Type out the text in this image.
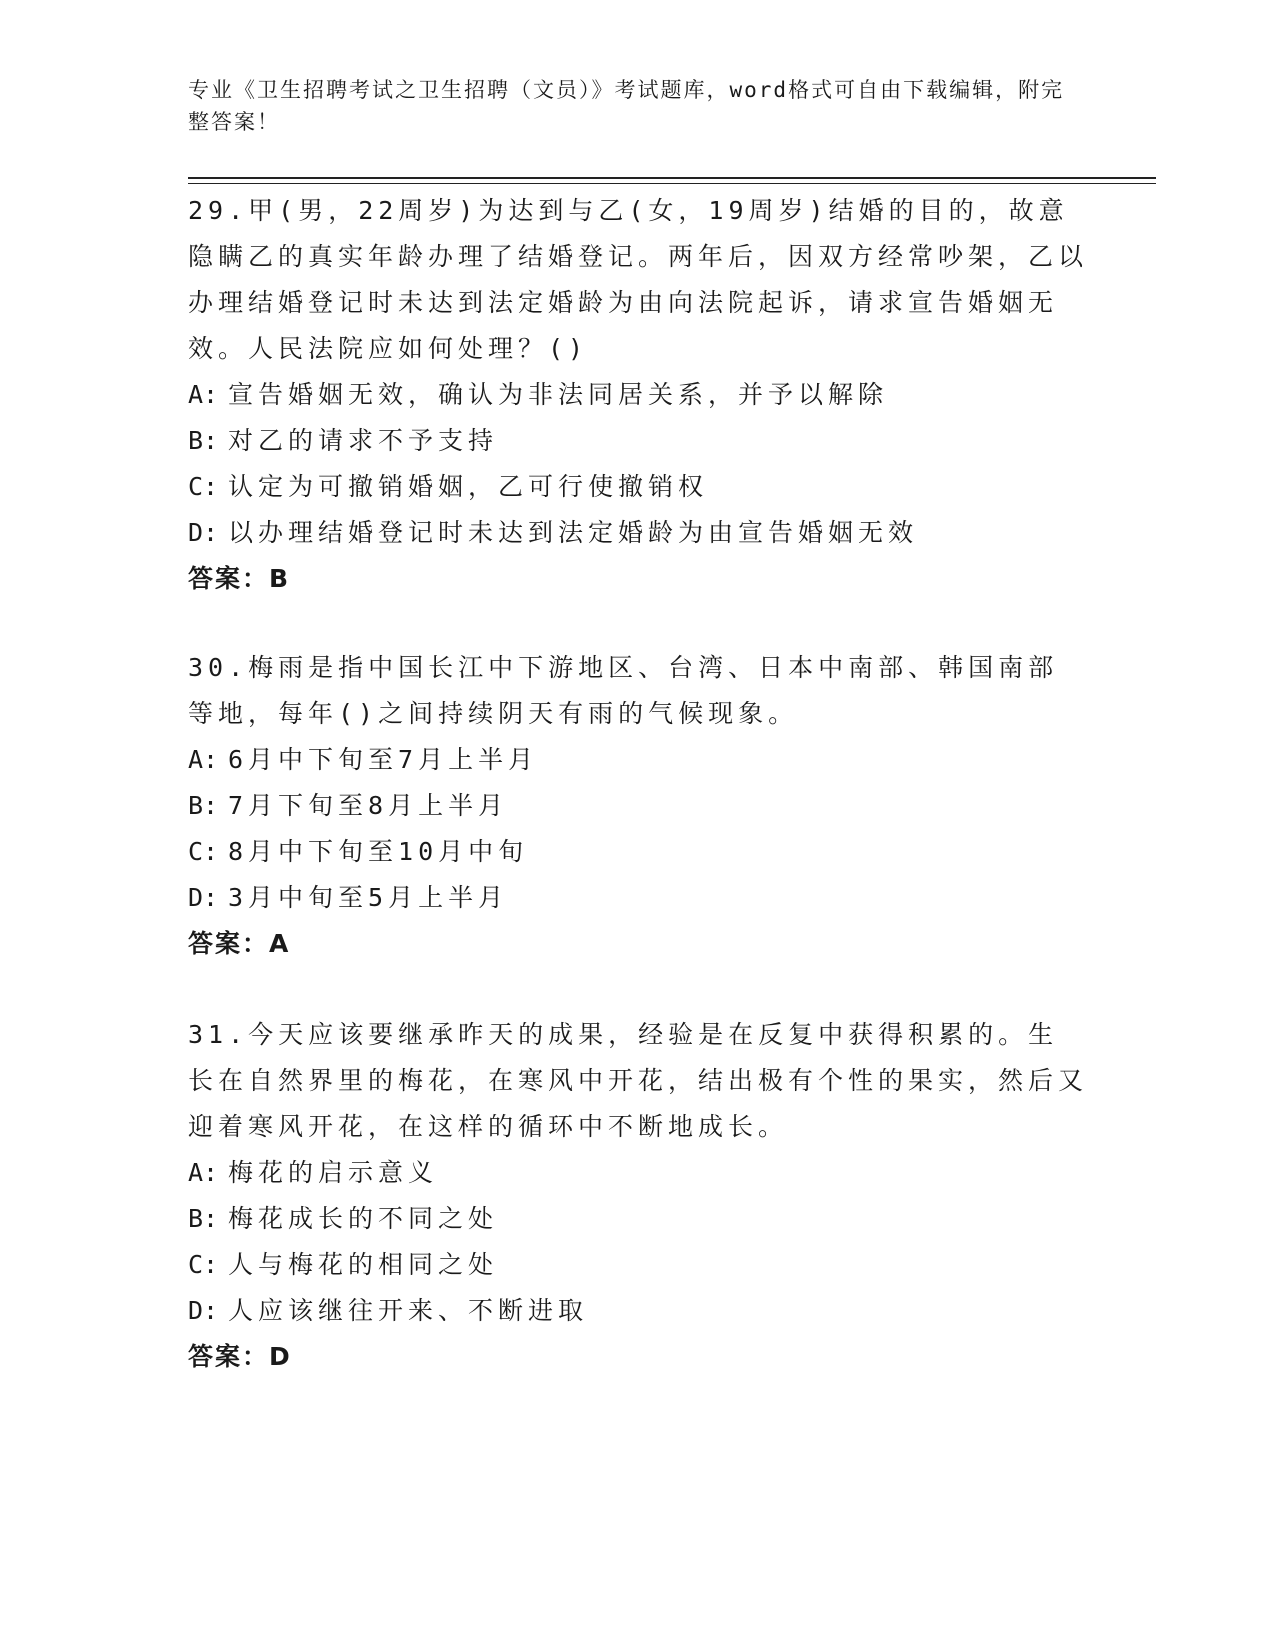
专业《卫生招聘考试之卫生招聘（文员）》考试题库，word格式可自由下载编辑，附完整答案！

29.甲(男，22周岁)为达到与乙(女，19周岁)结婚的目的，故意隐瞒乙的真实年龄办理了结婚登记。两年后，因双方经常吵架，乙以办理结婚登记时未达到法定婚龄为由向法院起诉，请求宣告婚姻无效。人民法院应如何处理？()

A: 宣告婚姻无效，确认为非法同居关系，并予以解除

B: 对乙的请求不予支持

C: 认定为可撤销婚姻，乙可行使撤销权

D: 以办理结婚登记时未达到法定婚龄为由宣告婚姻无效

答案：B

30.梅雨是指中国长江中下游地区、台湾、日本中南部、韩国南部等地，每年()之间持续阴天有雨的气候现象。

A: 6月中下旬至7月上半月

B: 7月下旬至8月上半月

C: 8月中下旬至10月中旬

D: 3月中旬至5月上半月

答案：A

31.今天应该要继承昨天的成果，经验是在反复中获得积累的。生长在自然界里的梅花，在寒风中开花，结出极有个性的果实，然后又迎着寒风开花，在这样的循环中不断地成长。

A: 梅花的启示意义

B: 梅花成长的不同之处

C: 人与梅花的相同之处

D: 人应该继往开来、不断进取

答案：D
